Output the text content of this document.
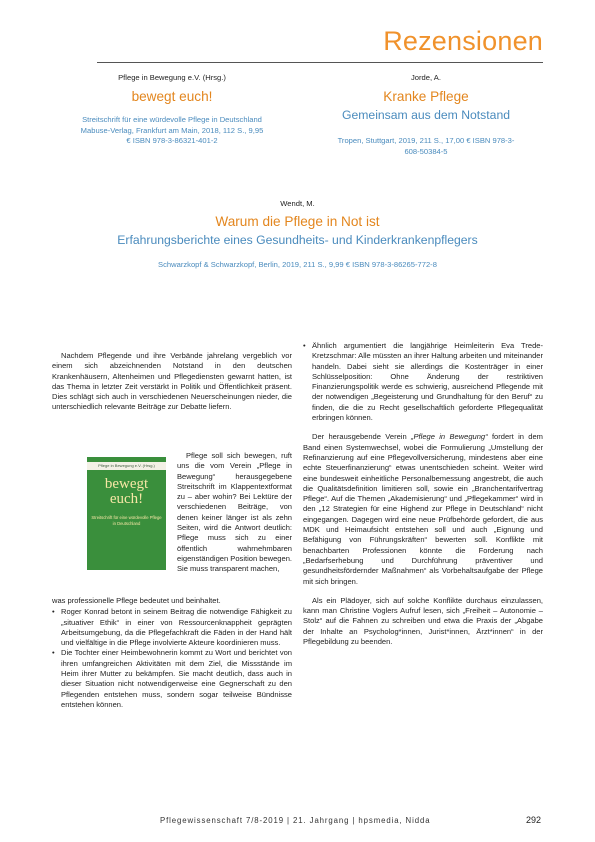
Rezensionen
Pflege in Bewegung e.V. (Hrsg.)
bewegt euch!
Streitschrift für eine würdevolle Pflege in Deutschland
Mabuse-Verlag, Frankfurt am Main, 2018, 112 S., 9,95
€ ISBN 978-3-86321-401-2
Jorde, A.
Kranke Pflege
Gemeinsam aus dem Notstand
Tropen, Stuttgart, 2019, 211 S., 17,00 € ISBN 978-3-
608-50384-5
Wendt, M.
Warum die Pflege in Not ist
Erfahrungsberichte eines Gesundheits- und Kinderkrankenpflegers
Schwarzkopf & Schwarzkopf, Berlin, 2019, 211 S., 9,99 € ISBN 978-3-86265-772-8

Nachdem Pflegende und ihre Verbände jahrelang vergeblich vor einem sich abzeichnenden Notstand in den deutschen Krankenhäusern, Altenheimen und Pflegediensten gewarnt hatten, ist das Thema in letzter Zeit verstärkt in Politik und Öffentlichkeit präsent. Dies schlägt sich auch in verschiedenen Neuerscheinungen nieder, die unterschiedlich relevante Beiträge zur Debatte liefern.

Pflege in Bewegung e.V. (Hrsg.)
bewegt
euch!
Streitschrift für eine würdevolle Pflege in Deutschland

Pflege soll sich bewegen, ruft uns die vom Verein „Pflege in Bewegung“ herausgegebene Streitschrift im Klappentextformat zu – aber wohin? Bei Lektüre der verschiedenen Beiträge, von denen keiner länger ist als zehn Seiten, wird die Antwort deutlich: Pflege muss sich zu einer öffentlich wahrnehmbaren eigenständigen Position bewegen. Sie muss transparent machen,

was professionelle Pflege bedeutet und beinhaltet.

• Roger Konrad betont in seinem Beitrag die notwendige Fähigkeit zu „situativer Ethik“ in einer von Ressourcenknappheit geprägten Arbeitsumgebung, da die Pflegefachkraft die Fäden in der Hand hält und vielfältige in die Pflege involvierte Akteure koordinieren muss.
• Die Tochter einer Heimbewohnerin kommt zu Wort und berichtet von ihren umfangreichen Aktivitäten mit dem Ziel, die Missstände im Heim ihrer Mutter zu bekämpfen. Sie macht deutlich, dass auch in dieser Situation nicht notwendigerweise eine Gegnerschaft zu den Pflegenden entstehen muss, sondern sogar teilweise Bündnisse entstehen können.
• Ähnlich argumentiert die langjährige Heimleiterin Eva Trede-Kretzschmar: Alle müssten an ihrer Haltung arbeiten und miteinander handeln. Dabei sieht sie allerdings die Kostenträger in einer Schlüsselposition: Ohne Änderung der restriktiven Finanzierungspolitik werde es schwierig, ausreichend Pflegende mit der notwendigen „Begeisterung und Grundhaltung für den Beruf“ zu finden, die die zu Recht gesellschaftlich geforderte Pflegequalität erbringen können.

Der herausgebende Verein „Pflege in Bewegung“ fordert in dem Band einen Systemwechsel, wobei die Formulierung „Umstellung der Refinanzierung auf eine Pflegevollversicherung, mindestens aber eine echte Steuerfinanzierung“ etwas unentschieden scheint. Weiter wird eine bundesweit einheitliche Personalbemessung angestrebt, die auch die Qualitätsdefinition limitieren soll, sowie ein „Branchentarifvertrag Pflege“. Auf die Themen „Akademisierung“ und „Pflegekammer“ wird in den „12 Strategien für eine Highend zur Pflege in Deutschland“ nicht eingegangen. Dagegen wird eine neue Prüfbehörde gefordert, die aus MDK und Heimaufsicht entstehen soll und auch „Eignung und Befähigung von Führungskräften“ bewerten soll. Konflikte mit benachbarten Professionen könnte die Forderung nach „Bedarfserhebung und Durchführung präventiver und gesundheitsfördernder Maßnahmen“ als Vorbehaltsaufgabe der Pflege mit sich bringen.

Als ein Plädoyer, sich auf solche Konflikte durchaus einzulassen, kann man Christine Voglers Aufruf lesen, sich „Freiheit – Autonomie – Stolz“ auf die Fahnen zu schreiben und etwa die Praxis der „Abgabe der Inhalte an Psycholog*innen, Jurist*innen, Ärzt*innen“ in der Pflegebildung zu beenden.

Pflegewissenschaft 7/8-2019 | 21. Jahrgang | hpsmedia, Nidda	292
